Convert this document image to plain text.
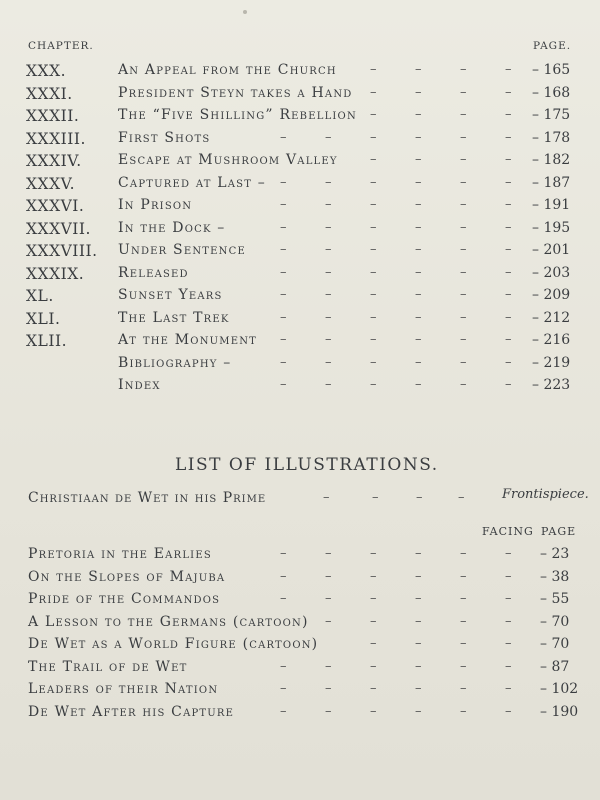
CHAPTER.	PAGE.
XXX.	An Appeal from the Church	–	–	–	– – 165
XXXI.	President Steyn takes a Hand –	–	–	– – 168
XXXII.	The “Five Shilling” Rebellion –	–	–	– – 175
XXXIII. First Shots	–	–	–	–	–	– – 178
XXXIV.	Escape at Mushroom Valley –	–	–	– – 182
XXXV.	Captured at Last – –	–	–	–	–	– – 187
XXXVI. In Prison	–	–	–	–	–	– – 191
XXXVII. In the Dock –	–	–	–	–	–	– – 195
XXXVIII. Under Sentence	–	–	–	–	–	– – 201
XXXIX. Released	–	–	–	–	–	– – 203
XL.	Sunset Years	–	–	–	–	–	– – 209
XLI.	The Last Trek	–	–	–	–	–	– – 212
XLII.	At the Monument –	–	–	–	–	– – 216
Bibliography –	–	–	–	–	–	– – 219
Index	–	–	–	–	–	– – 223
LIST OF ILLUSTRATIONS.
Christiaan de Wet in his Prime	–	–	–	–	Frontispiece.
FACING PAGE
Pretoria in the Earlies	–	–	–	–	–	– – 23
On the Slopes of Majuba	–	–	–	–	–	– – 38
Pride of the Commandos	–	–	–	–	–	– – 55
A Lesson to the Germans (cartoon) –	–	–	–	– – 70
De Wet as a World Figure (cartoon)	–	–	–	– – 70
The Trail of de Wet	–	–	–	–	–	– – 87
Leaders of their Nation	–	–	–	–	–	– – 102
De Wet After his Capture	–	–	–	–	–	– – 190
